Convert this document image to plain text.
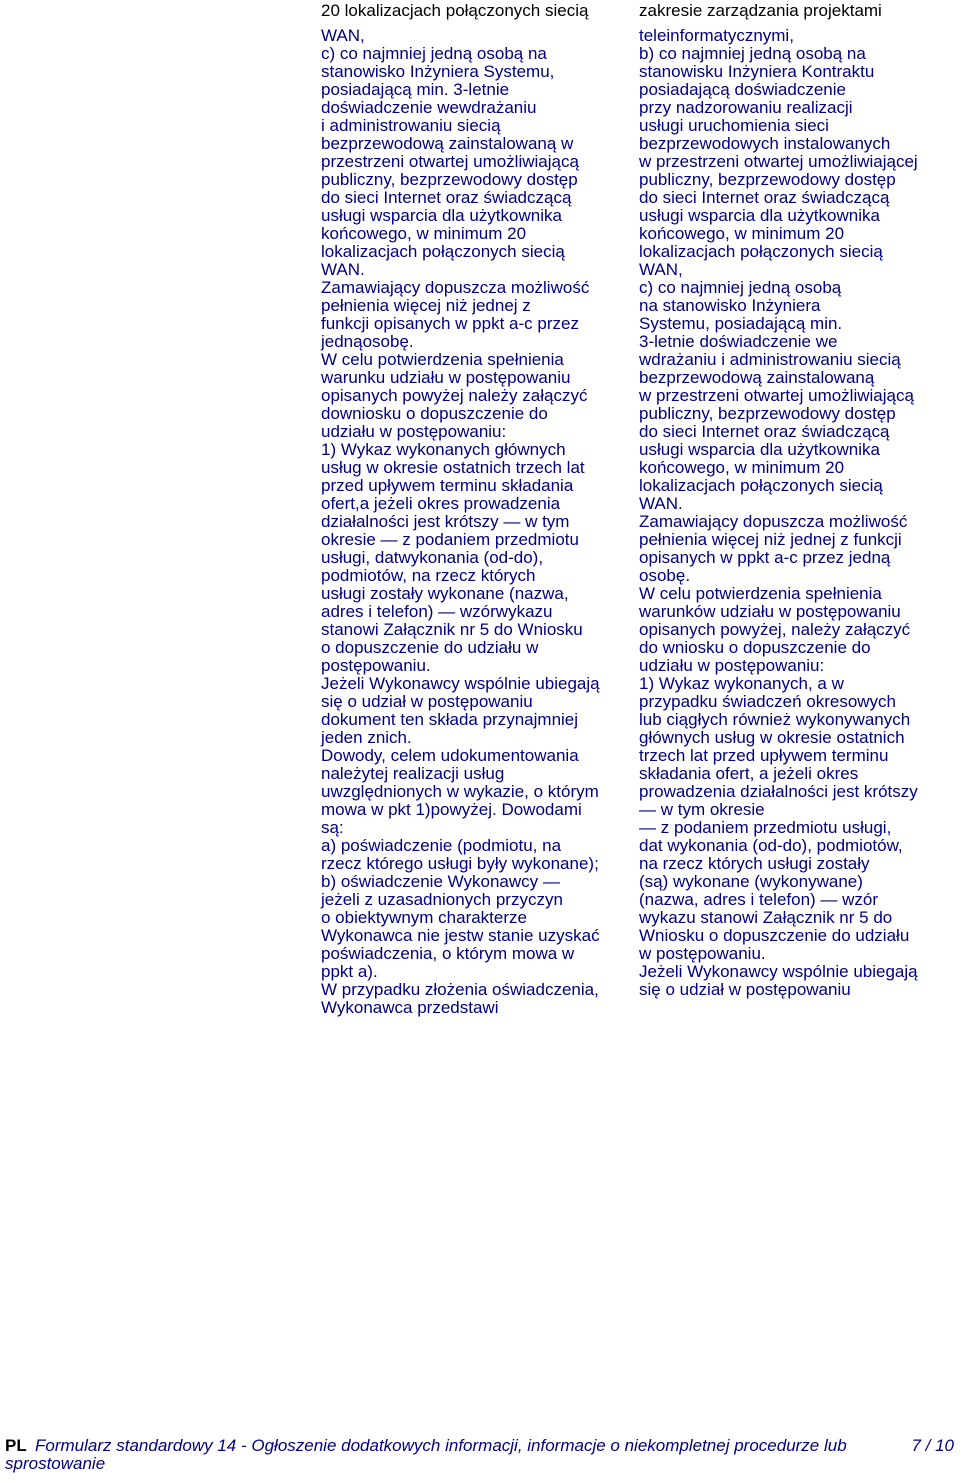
20 lokalizacjach połączonych siecią	zakresie zarządzania projektami
WAN,
c) co najmniej jedną osobą na
stanowisko Inżyniera Systemu,
posiadającą min. 3-letnie
doświadczenie wewdrażaniu
i administrowaniu siecią
bezprzewodową zainstalowaną w
przestrzeni otwartej umożliwiającą
publiczny, bezprzewodowy dostęp
do sieci Internet oraz świadczącą
usługi wsparcia dla użytkownika
końcowego, w minimum 20
lokalizacjach połączonych siecią
WAN.
Zamawiający dopuszcza możliwość
pełnienia więcej niż jednej z
funkcji opisanych w ppkt a-c przez
jednąosobę.
W celu potwierdzenia spełnienia
warunku udziału w postępowaniu
opisanych powyżej należy załączyć
downiosku o dopuszczenie do
udziału w postępowaniu:
1) Wykaz wykonanych głównych
usług w okresie ostatnich trzech lat
przed upływem terminu składania
ofert,a jeżeli okres prowadzenia
działalności jest krótszy — w tym
okresie — z podaniem przedmiotu
usługi, datwykonania (od-do),
podmiotów, na rzecz których
usługi zostały wykonane (nazwa,
adres i telefon) — wzórwykazu
stanowi Załącznik nr 5 do Wniosku
o dopuszczenie do udziału w
postępowaniu.
Jeżeli Wykonawcy wspólnie ubiegają
się o udział w postępowaniu
dokument ten składa przynajmniej
jeden znich.
Dowody, celem udokumentowania
należytej realizacji usług
uwzględnionych w wykazie, o którym
mowa w pkt 1)powyżej. Dowodami
są:
a) poświadczenie (podmiotu, na
rzecz którego usługi były wykonane);
b) oświadczenie Wykonawcy —
jeżeli z uzasadnionych przyczyn
o obiektywnym charakterze
Wykonawca nie jestw stanie uzyskać
poświadczenia, o którym mowa w
ppkt a).
W przypadku złożenia oświadczenia,
Wykonawca przedstawi
teleinformatycznymi,
b) co najmniej jedną osobą na
stanowisku Inżyniera Kontraktu
posiadającą doświadczenie
przy nadzorowaniu realizacji
usługi uruchomienia sieci
bezprzewodowych instalowanych
w przestrzeni otwartej umożliwiającej
publiczny, bezprzewodowy dostęp
do sieci Internet oraz świadczącą
usługi wsparcia dla użytkownika
końcowego, w minimum 20
lokalizacjach połączonych siecią
WAN,
c) co najmniej jedną osobą
na stanowisko Inżyniera
Systemu, posiadającą min.
3-letnie doświadczenie we
wdrażaniu i administrowaniu siecią
bezprzewodową zainstalowaną
w przestrzeni otwartej umożliwiającą
publiczny, bezprzewodowy dostęp
do sieci Internet oraz świadczącą
usługi wsparcia dla użytkownika
końcowego, w minimum 20
lokalizacjach połączonych siecią
WAN.
Zamawiający dopuszcza możliwość
pełnienia więcej niż jednej z funkcji
opisanych w ppkt a-c przez jedną
osobę.
W celu potwierdzenia spełnienia
warunków udziału w postępowaniu
opisanych powyżej, należy załączyć
do wniosku o dopuszczenie do
udziału w postępowaniu:
1) Wykaz wykonanych, a w
przypadku świadczeń okresowych
lub ciągłych również wykonywanych
głównych usług w okresie ostatnich
trzech lat przed upływem terminu
składania ofert, a jeżeli okres
prowadzenia działalności jest krótszy
— w tym okresie
— z podaniem przedmiotu usługi,
dat wykonania (od-do), podmiotów,
na rzecz których usługi zostały
(są) wykonane (wykonywane)
(nazwa, adres i telefon) — wzór
wykazu stanowi Załącznik nr 5 do
Wniosku o dopuszczenie do udziału
w postępowaniu.
Jeżeli Wykonawcy wspólnie ubiegają
się o udział w postępowaniu
PL Formularz standardowy 14 - Ogłoszenie dodatkowych informacji, informacje o niekompletnej procedurze lub
sprostowanie
7 / 10
